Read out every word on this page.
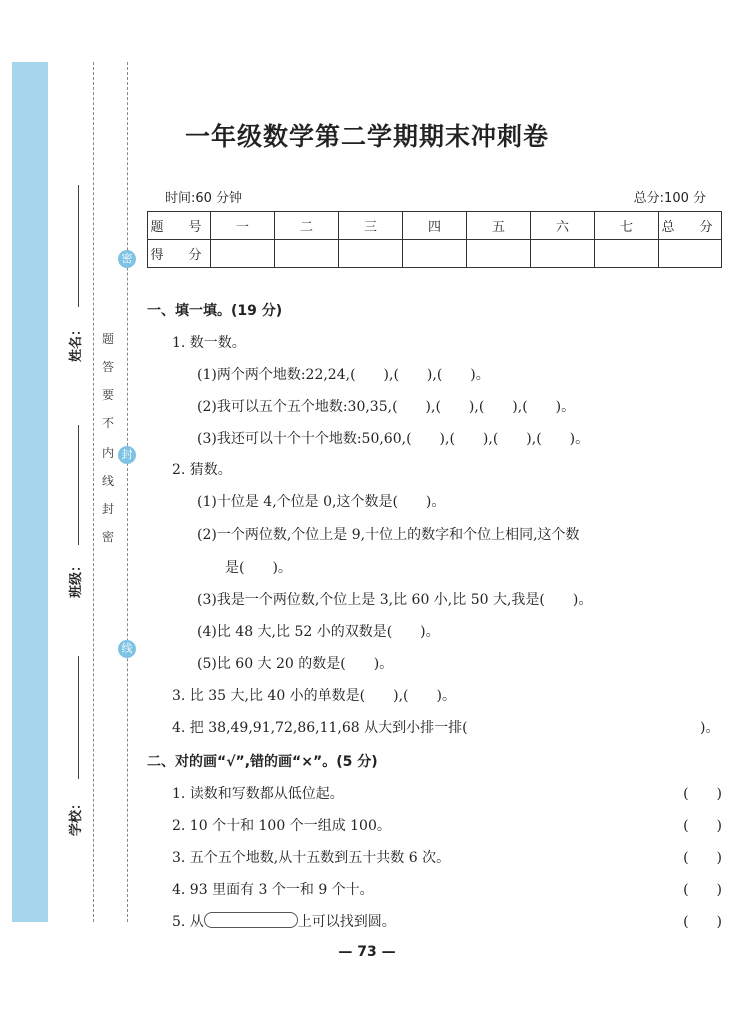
密
封
线
密
封
线
内
不
要
答
题
姓名：
班级：
学校：
一年级数学第二学期期末冲刺卷
时间:60 分钟	总分:100 分
题　号	一	二	三	四	五	六	七	总　分
得　分								
一、填一填。(19 分)
1. 数一数。
(1)两个两个地数:22,24,(　　),(　　),(　　)。
(2)我可以五个五个地数:30,35,(　　),(　　),(　　),(　　)。
(3)我还可以十个十个地数:50,60,(　　),(　　),(　　),(　　)。
2. 猜数。
(1)十位是 4,个位是 0,这个数是(　　)。
(2)一个两位数,个位上是 9,十位上的数字和个位上相同,这个数
是(　　)。
(3)我是一个两位数,个位上是 3,比 60 小,比 50 大,我是(　　)。
(4)比 48 大,比 52 小的双数是(　　)。
(5)比 60 大 20 的数是(　　)。
3. 比 35 大,比 40 小的单数是(　　),(　　)。
4. 把 38,49,91,72,86,11,68 从大到小排一排(	)。
二、对的画“√”,错的画“×”。(5 分)
1. 读数和写数都从低位起。	(　　)
2. 10 个十和 100 个一组成 100。	(　　)
3. 五个五个地数,从十五数到五十共数 6 次。	(　　)
4. 93 里面有 3 个一和 9 个十。	(　　)
5. 从	上可以找到圆。	(　　)
— 73 —
